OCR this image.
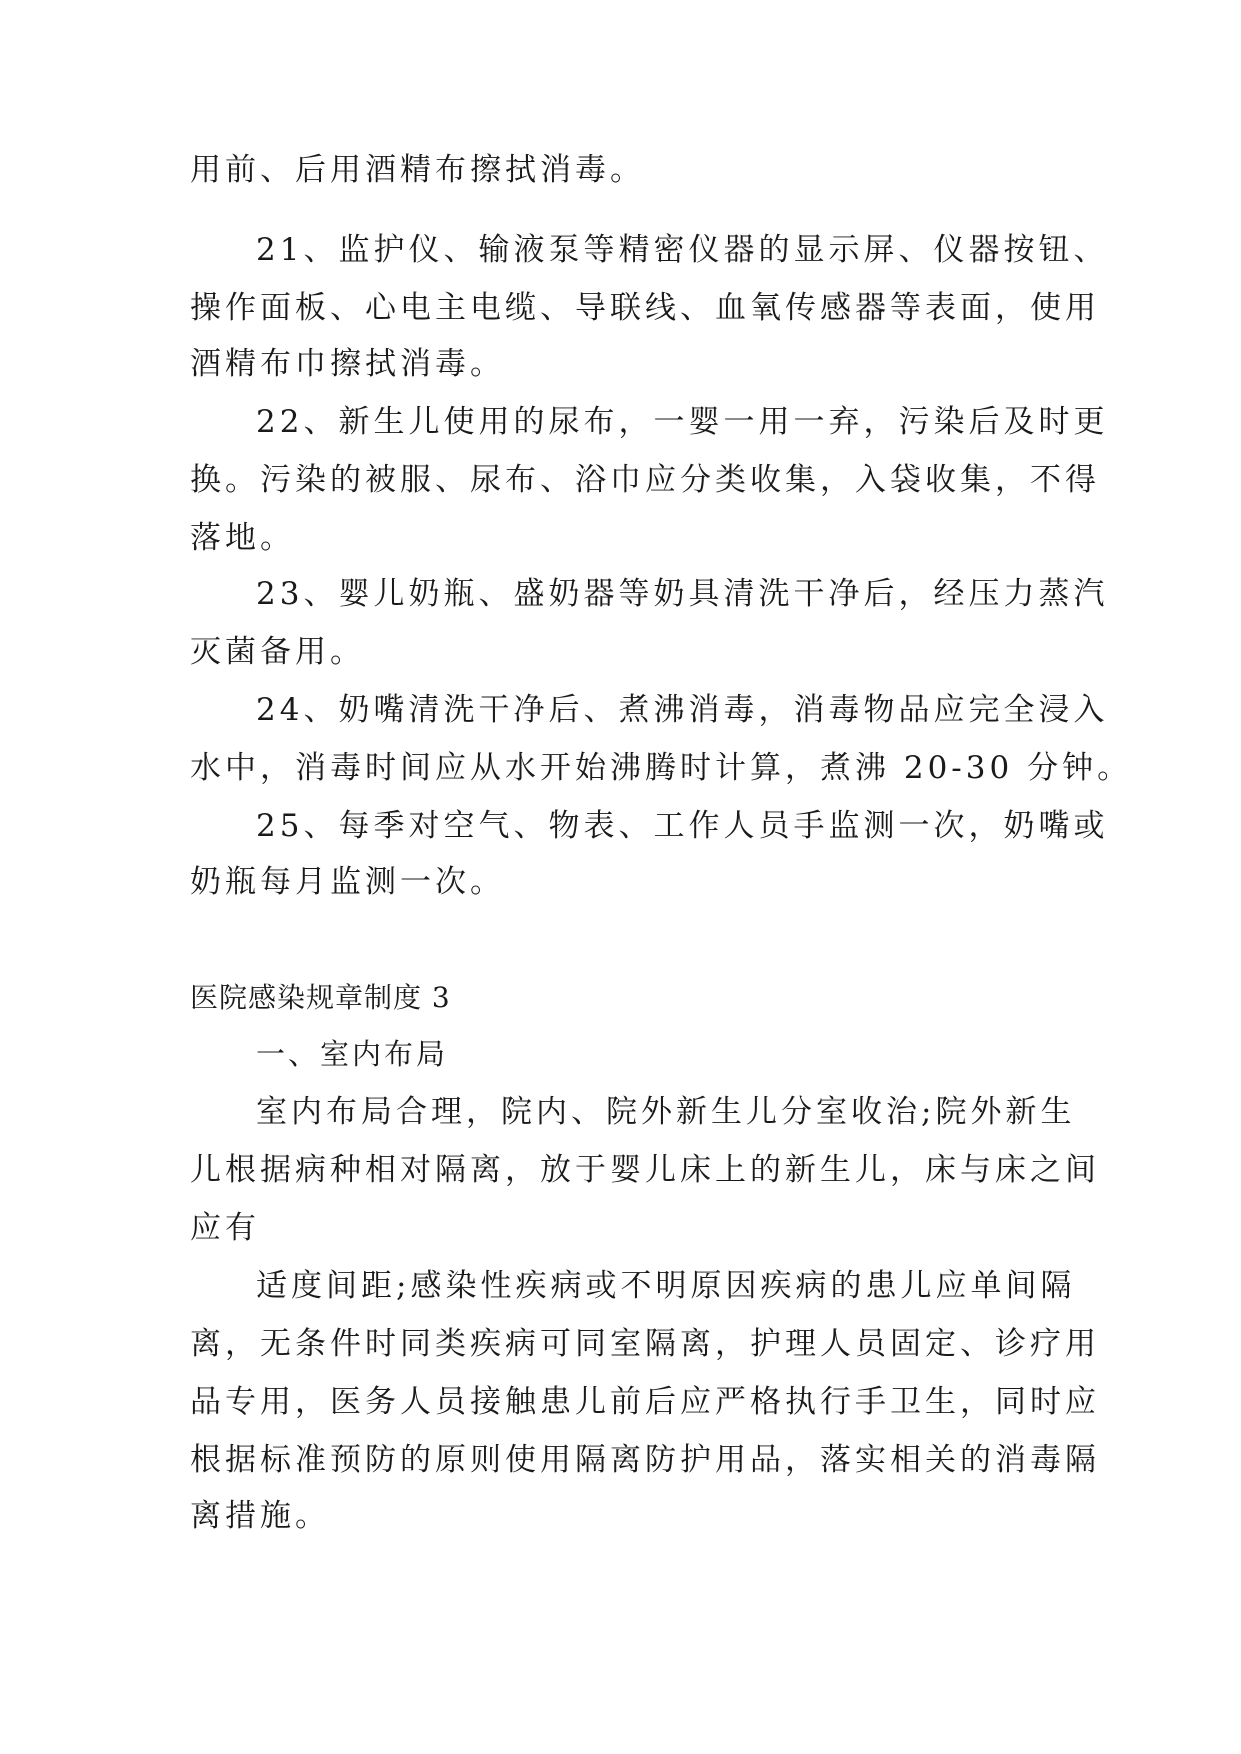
用前、后用酒精布擦拭消毒。

21、监护仪、输液泵等精密仪器的显示屏、仪器按钮、

操作面板、心电主电缆、导联线、血氧传感器等表面，使用

酒精布巾擦拭消毒。

22、新生儿使用的尿布，一婴一用一弃，污染后及时更

换。污染的被服、尿布、浴巾应分类收集，入袋收集，不得

落地。

23、婴儿奶瓶、盛奶器等奶具清洗干净后，经压力蒸汽

灭菌备用。

24、奶嘴清洗干净后、煮沸消毒，消毒物品应完全浸入

水中，消毒时间应从水开始沸腾时计算，煮沸 20-30 分钟。

25、每季对空气、物表、工作人员手监测一次，奶嘴或

奶瓶每月监测一次。

医院感染规章制度 3
一、室内布局

室内布局合理，院内、院外新生儿分室收治;院外新生

儿根据病种相对隔离，放于婴儿床上的新生儿，床与床之间

应有

适度间距;感染性疾病或不明原因疾病的患儿应单间隔

离，无条件时同类疾病可同室隔离，护理人员固定、诊疗用

品专用，医务人员接触患儿前后应严格执行手卫生，同时应

根据标准预防的原则使用隔离防护用品，落实相关的消毒隔

离措施。
